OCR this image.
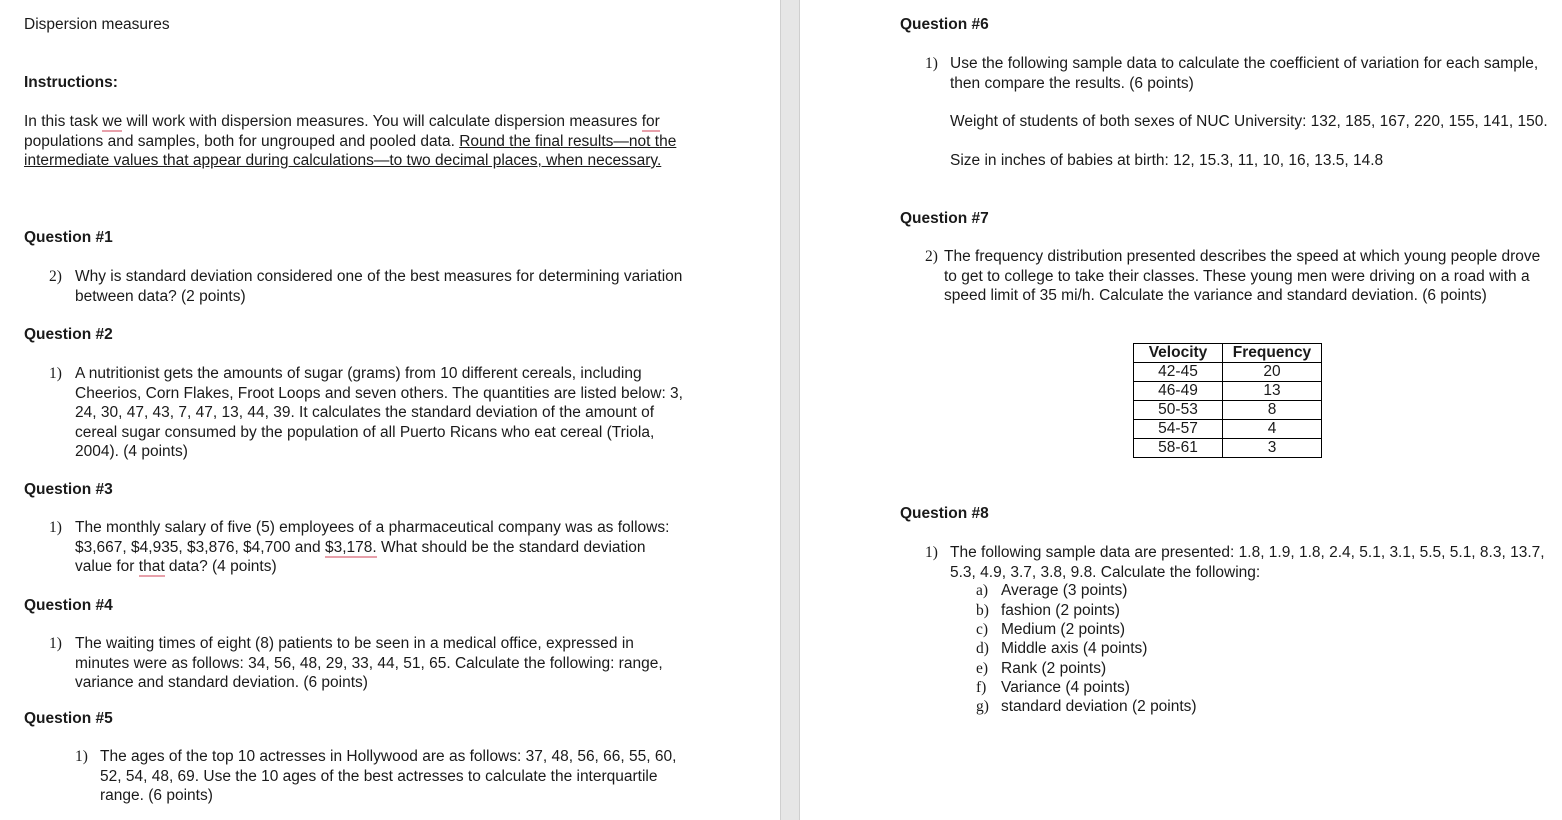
Dispersion measures
Instructions:
In this task we will work with dispersion measures. You will calculate dispersion measures for populations and samples, both for ungrouped and pooled data. Round the final results—not the intermediate values that appear during calculations—to two decimal places, when necessary.
Question #1
2) Why is standard deviation considered one of the best measures for determining variation between data? (2 points)
Question #2
1) A nutritionist gets the amounts of sugar (grams) from 10 different cereals, including Cheerios, Corn Flakes, Froot Loops and seven others. The quantities are listed below: 3, 24, 30, 47, 43, 7, 47, 13, 44, 39. It calculates the standard deviation of the amount of cereal sugar consumed by the population of all Puerto Ricans who eat cereal (Triola, 2004). (4 points)
Question #3
1) The monthly salary of five (5) employees of a pharmaceutical company was as follows: $3,667, $4,935, $3,876, $4,700 and $3,178. What should be the standard deviation value for that data? (4 points)
Question #4
1) The waiting times of eight (8) patients to be seen in a medical office, expressed in minutes were as follows: 34, 56, 48, 29, 33, 44, 51, 65. Calculate the following: range, variance and standard deviation. (6 points)
Question #5
1) The ages of the top 10 actresses in Hollywood are as follows: 37, 48, 56, 66, 55, 60, 52, 54, 48, 69. Use the 10 ages of the best actresses to calculate the interquartile range. (6 points)
Question #6
1) Use the following sample data to calculate the coefficient of variation for each sample, then compare the results. (6 points)
Weight of students of both sexes of NUC University: 132, 185, 167, 220, 155, 141, 150.
Size in inches of babies at birth: 12, 15.3, 11, 10, 16, 13.5, 14.8
Question #7
2) The frequency distribution presented describes the speed at which young people drove to get to college to take their classes. These young men were driving on a road with a speed limit of 35 mi/h. Calculate the variance and standard deviation. (6 points)
Velocity	Frequency
42-45	20
46-49	13
50-53	8
54-57	4
58-61	3
Question #8
1) The following sample data are presented: 1.8, 1.9, 1.8, 2.4, 5.1, 3.1, 5.5, 5.1, 8.3, 13.7, 5.3, 4.9, 3.7, 3.8, 9.8. Calculate the following:
a) Average (3 points)
b) fashion (2 points)
c) Medium (2 points)
d) Middle axis (4 points)
e) Rank (2 points)
f) Variance (4 points)
g) standard deviation (2 points)
